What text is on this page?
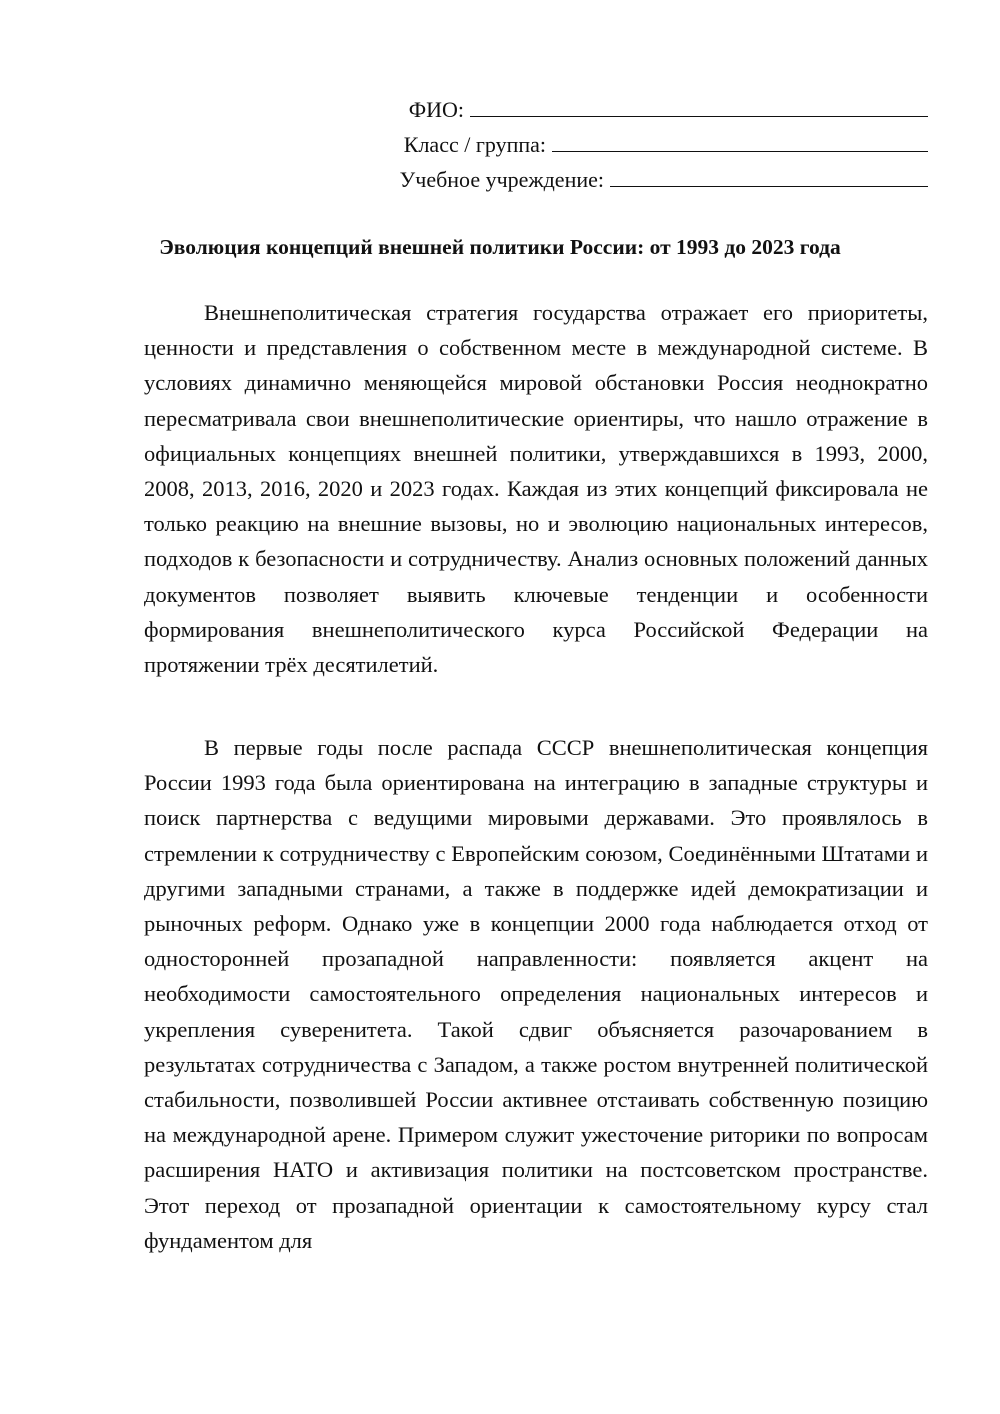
ФИО:
Класс / группа:
Учебное учреждение:
Эволюция концепций внешней политики России: от 1993 до 2023 года

Внешнеполитическая стратегия государства отражает его приоритеты, ценности и представления о собственном месте в международной системе. В условиях динамично меняющейся мировой обстановки Россия неоднократно пересматривала свои внешнеполитические ориентиры, что нашло отражение в официальных концепциях внешней политики, утверждавшихся в 1993, 2000, 2008, 2013, 2016, 2020 и 2023 годах. Каждая из этих концепций фиксировала не только реакцию на внешние вызовы, но и эволюцию национальных интересов, подходов к безопасности и сотрудничеству. Анализ основных положений данных документов позволяет выявить ключевые тенденции и особенности формирования внешнеполитического курса Российской Федерации на протяжении трёх десятилетий.

В первые годы после распада СССР внешнеполитическая концепция России 1993 года была ориентирована на интеграцию в западные структуры и поиск партнерства с ведущими мировыми державами. Это проявлялось в стремлении к сотрудничеству с Европейским союзом, Соединёнными Штатами и другими западными странами, а также в поддержке идей демократизации и рыночных реформ. Однако уже в концепции 2000 года наблюдается отход от односторонней прозападной направленности: появляется акцент на необходимости самостоятельного определения национальных интересов и укрепления суверенитета. Такой сдвиг объясняется разочарованием в результатах сотрудничества с Западом, а также ростом внутренней политической стабильности, позволившей России активнее отстаивать собственную позицию на международной арене. Примером служит ужесточение риторики по вопросам расширения НАТО и активизация политики на постсоветском пространстве. Этот переход от прозападной ориентации к самостоятельному курсу стал фундаментом для
